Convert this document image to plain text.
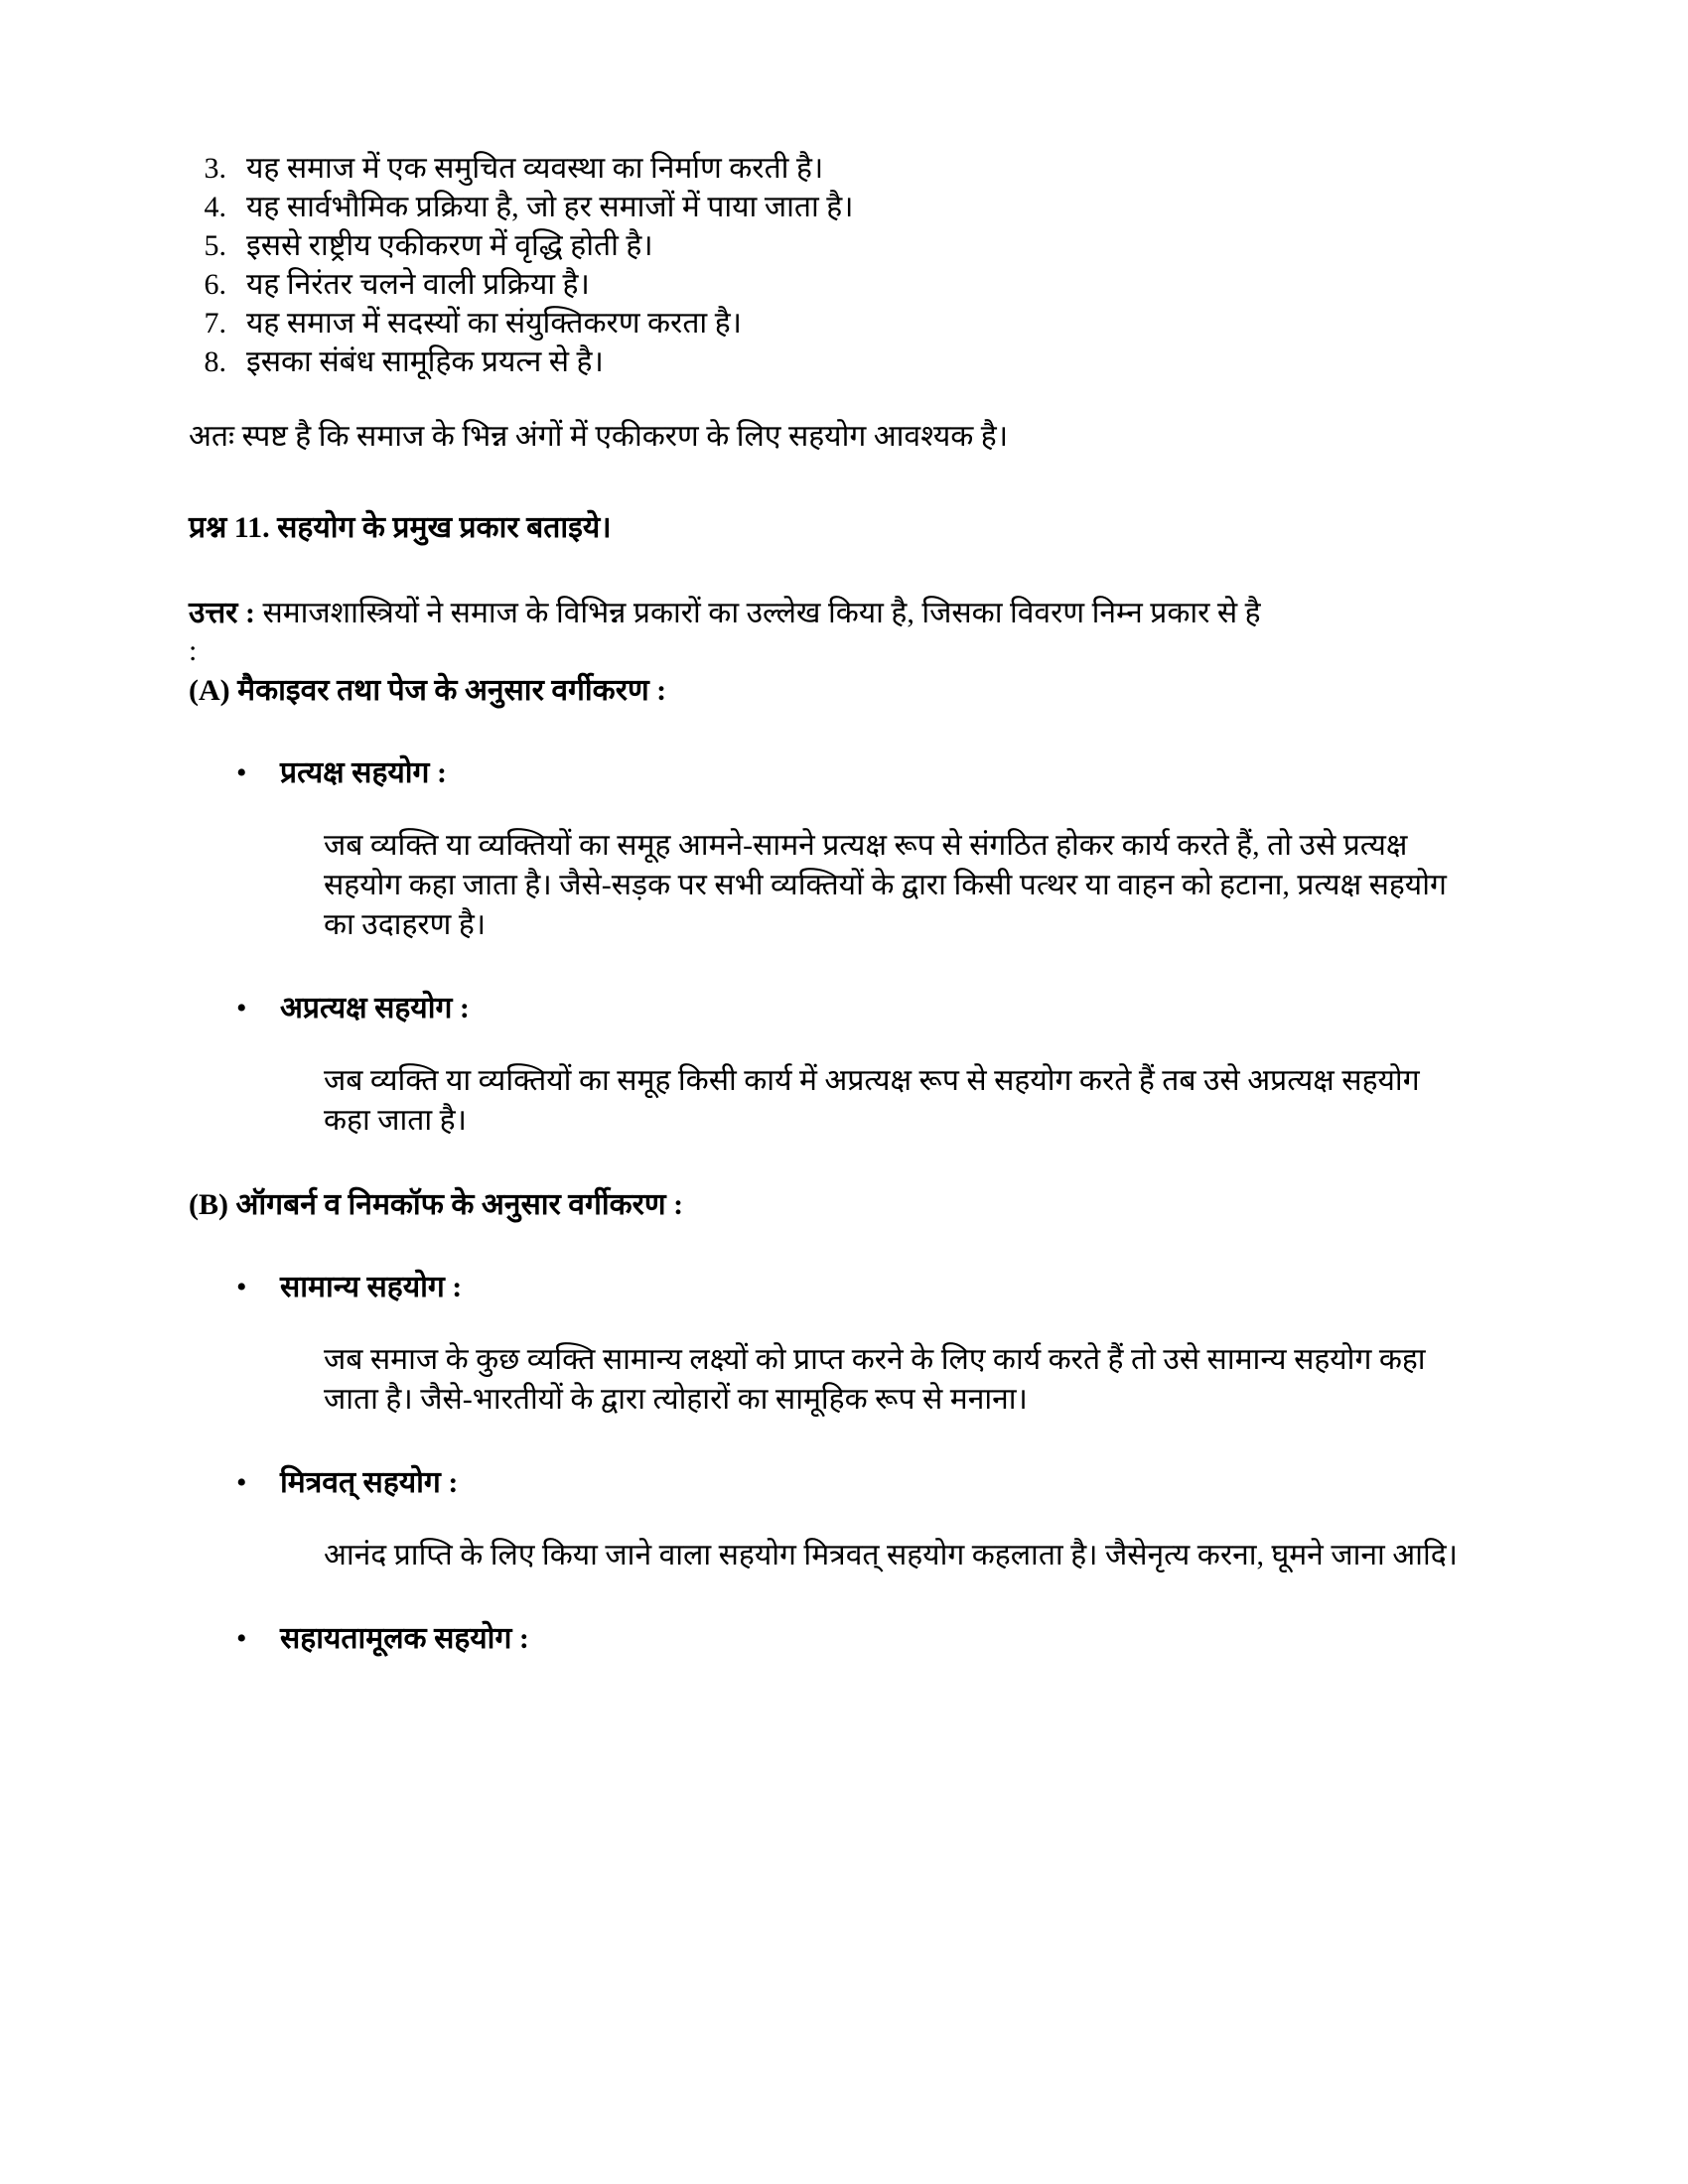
3. यह समाज में एक समुचित व्यवस्था का निर्माण करती है।
4. यह सार्वभौमिक प्रक्रिया है, जो हर समाजों में पाया जाता है।
5. इससे राष्ट्रीय एकीकरण में वृद्धि होती है।
6. यह निरंतर चलने वाली प्रक्रिया है।
7. यह समाज में सदस्यों का संयुक्तिकरण करता है।
8. इसका संबंध सामूहिक प्रयत्न से है।

अतः स्पष्ट है कि समाज के भिन्न अंगों में एकीकरण के लिए सहयोग आवश्यक है।

प्रश्न 11. सहयोग के प्रमुख प्रकार बताइये।

उत्तर : समाजशास्त्रियों ने समाज के विभिन्न प्रकारों का उल्लेख किया है, जिसका विवरण निम्न प्रकार से है

:

(A) मैकाइवर तथा पेज के अनुसार वर्गीकरण :

•	प्रत्यक्ष सहयोग :

जब व्यक्ति या व्यक्तियों का समूह आमने-सामने प्रत्यक्ष रूप से संगठित होकर कार्य करते हैं, तो उसे प्रत्यक्ष सहयोग कहा जाता है। जैसे-सड़क पर सभी व्यक्तियों के द्वारा किसी पत्थर या वाहन को हटाना, प्रत्यक्ष सहयोग का उदाहरण है।

•	अप्रत्यक्ष सहयोग :

जब व्यक्ति या व्यक्तियों का समूह किसी कार्य में अप्रत्यक्ष रूप से सहयोग करते हैं तब उसे अप्रत्यक्ष सहयोग कहा जाता है।

(B) ऑगबर्न व निमकॉफ के अनुसार वर्गीकरण :

•	सामान्य सहयोग :

जब समाज के कुछ व्यक्ति सामान्य लक्ष्यों को प्राप्त करने के लिए कार्य करते हैं तो उसे सामान्य सहयोग कहा जाता है। जैसे-भारतीयों के द्वारा त्योहारों का सामूहिक रूप से मनाना।

•	मित्रवत् सहयोग :

आनंद प्राप्ति के लिए किया जाने वाला सहयोग मित्रवत् सहयोग कहलाता है। जैसेनृत्य करना, घूमने जाना आदि।

•	सहायतामूलक सहयोग :
